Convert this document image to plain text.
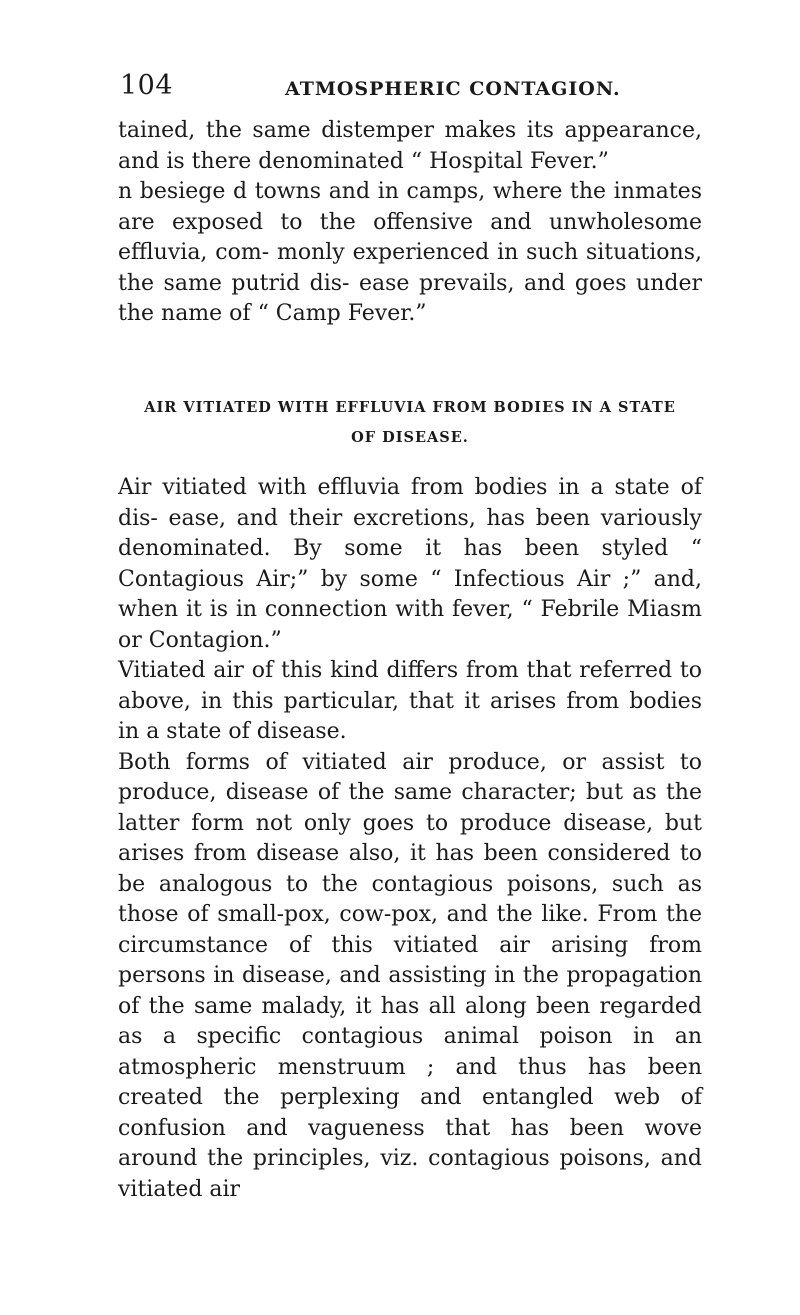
104	ATMOSPHERIC CONTAGION.

tained, the same distemper makes its appearance, and is there denominated “ Hospital Fever.”

n besiege d towns and in camps, where the inmates are exposed to the offensive and unwholesome effluvia, com- monly experienced in such situations, the same putrid dis- ease prevails, and goes under the name of “ Camp Fever.”

AIR VITIATED WITH EFFLUVIA FROM BODIES IN A STATE
OF DISEASE.

Air vitiated with effluvia from bodies in a state of dis- ease, and their excretions, has been variously denominated. By some it has been styled “ Contagious Air;” by some “ Infectious Air ;” and, when it is in connection with fever, “ Febrile Miasm or Contagion.”

Vitiated air of this kind differs from that referred to above, in this particular, that it arises from bodies in a state of disease.

Both forms of vitiated air produce, or assist to produce, disease of the same character; but as the latter form not only goes to produce disease, but arises from disease also, it has been considered to be analogous to the contagious poisons, such as those of small-pox, cow-pox, and the like. From the circumstance of this vitiated air arising from persons in disease, and assisting in the propagation of the same malady, it has all along been regarded as a specific contagious animal poison in an atmospheric menstruum ; and thus has been created the perplexing and entangled web of confusion and vagueness that has been wove around the principles, viz. contagious poisons, and vitiated air
